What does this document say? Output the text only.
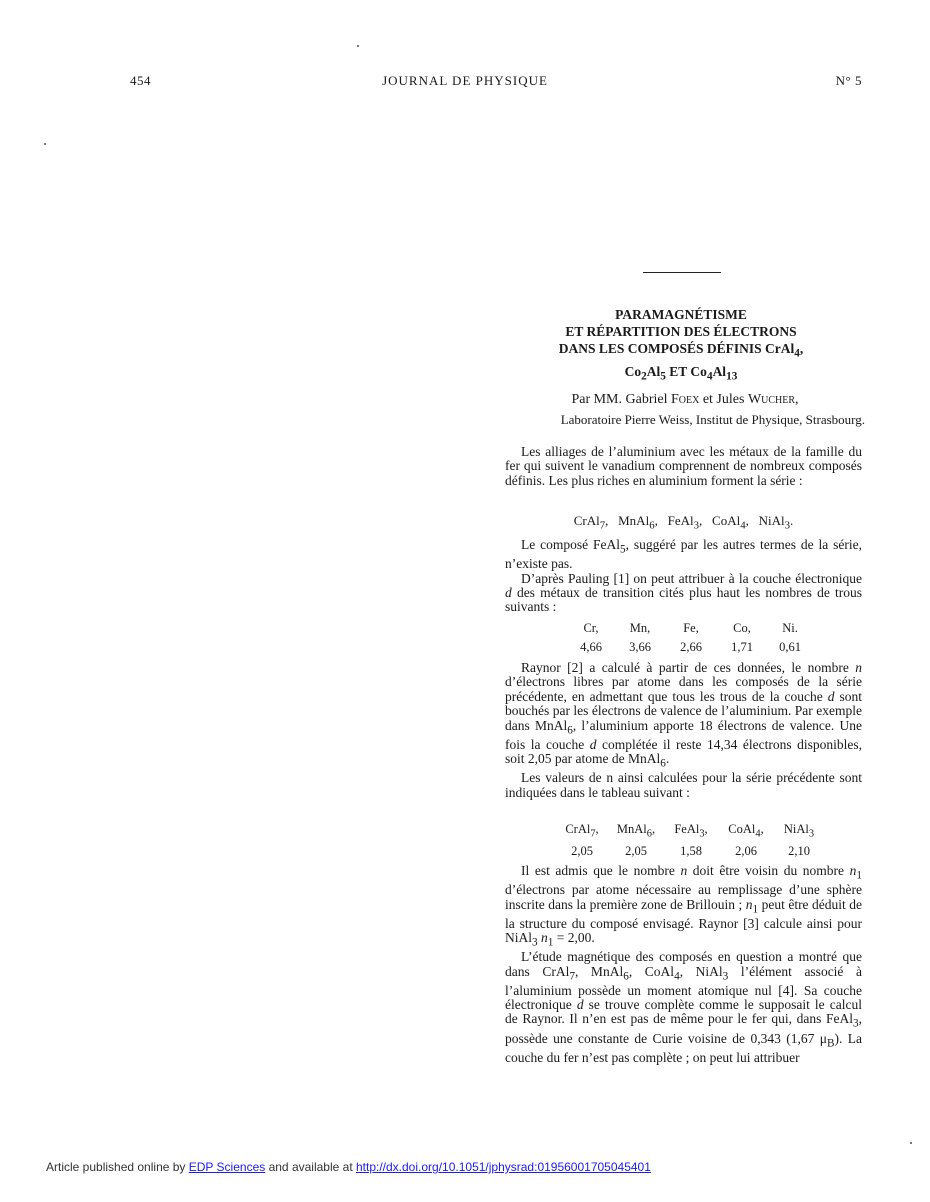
454	JOURNAL DE PHYSIQUE	N° 5
PARAMAGNÉTISME
ET RÉPARTITION DES ÉLECTRONS
DANS LES COMPOSÉS DÉFINIS CrAl$_4$,
$Co_2Al_5$ ET $Co_4Al_{13}$
Par MM. Gabriel Foex et Jules Wucher,
Laboratoire Pierre Weiss, Institut de Physique, Strasbourg.

Les alliages de l’aluminium avec les métaux de la famille du fer qui suivent le vanadium comprennent de nombreux composés définis. Les plus riches en aluminium forment la série :

CrAl$_7$, MnAl$_6$, FeAl$_3$, CoAl$_4$, NiAl$_3$.

Le composé FeAl$_5$, suggéré par les autres termes de la série, n’existe pas.

D’après Pauling [1] on peut attribuer à la couche électronique d des métaux de transition cités plus haut les nombres de trous suivants :

Cr,	Mn,	Fe,	Co,	Ni.
4,66	3,66	2,66	1,71	0,61

Raynor [2] a calculé à partir de ces données, le nombre n d’électrons libres par atome dans les composés de la série précédente, en admettant que tous les trous de la couche d sont bouchés par les électrons de valence de l’aluminium. Par exemple dans MnAl$_6$, l’aluminium apporte 18 électrons de valence. Une fois la couche d complétée il reste 14,34 électrons disponibles, soit 2,05 par atome de MnAl$_6$.

Les valeurs de n ainsi calculées pour la série précédente sont indiquées dans le tableau suivant :

CrAl$_7$,	MnAl$_6$,	FeAl$_3$,	CoAl$_4$,	NiAl$_3$
2,05	2,05	1,58	2,06	2,10

Il est admis que le nombre n doit être voisin du nombre $n_1$ d’électrons par atome nécessaire au remplissage d’une sphère inscrite dans la première zone de Brillouin ; $n_1$ peut être déduit de la structure du composé envisagé. Raynor [3] calcule ainsi pour NiAl$_3$ $n_1 = 2,00$.

L’étude magnétique des composés en question a montré que dans CrAl$_7$, MnAl$_6$, CoAl$_4$, NiAl$_3$ l’élément associé à l’aluminium possède un moment atomique nul [4]. Sa couche électronique d se trouve complète comme le supposait le calcul de Raynor. Il n’en est pas de même pour le fer qui, dans FeAl$_3$, possède une constante de Curie voisine de 0,343 (1,67 $\mu_B$). La couche du fer n’est pas complète ; on peut lui attribuer

Article published online by EDP Sciences and available at http://dx.doi.org/10.1051/jphysrad:01956001705045401
